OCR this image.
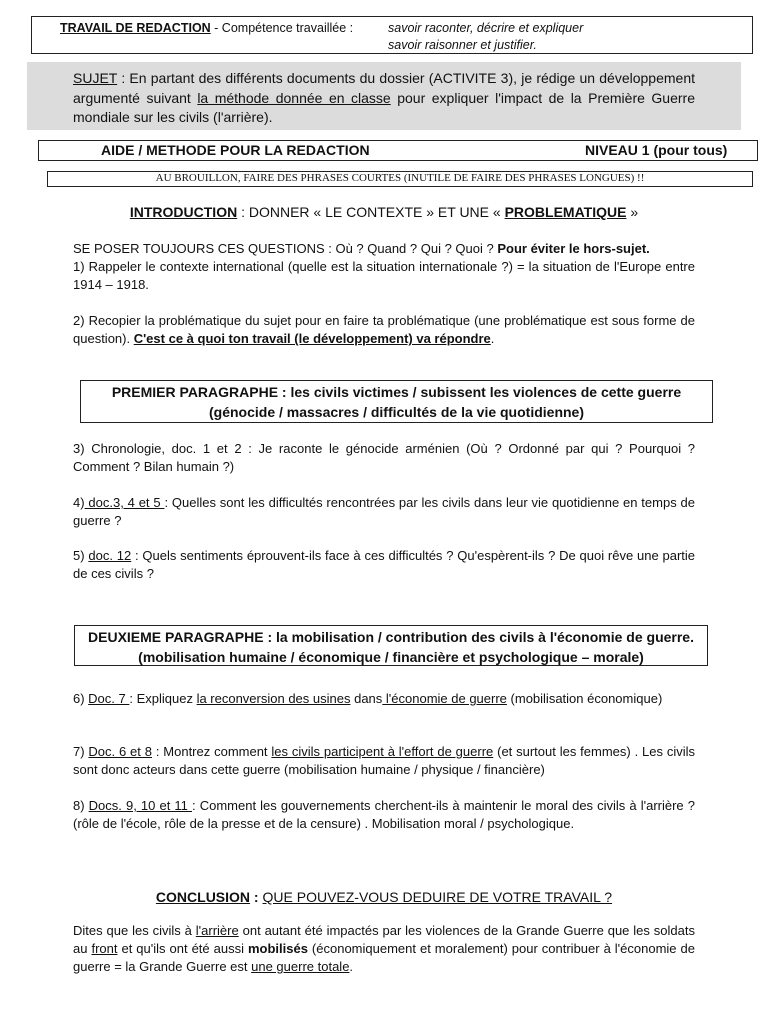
TRAVAIL DE REDACTION - Compétence travaillée :	savoir raconter, décrire et expliquer
savoir raisonner et justifier.
SUJET : En partant des différents documents du dossier (ACTIVITE 3), je rédige un développement argumenté suivant la méthode donnée en classe pour expliquer l'impact de la Première Guerre mondiale sur les civils (l'arrière).
AIDE / METHODE POUR LA REDACTION	NIVEAU 1 (pour tous)
AU BROUILLON, FAIRE DES PHRASES COURTES (INUTILE DE FAIRE DES PHRASES LONGUES) !!
INTRODUCTION : DONNER « LE CONTEXTE » ET UNE « PROBLEMATIQUE »
SE POSER TOUJOURS CES QUESTIONS : Où ? Quand ? Qui ? Quoi ? Pour éviter le hors-sujet.
1) Rappeler le contexte international (quelle est la situation internationale ?) = la situation de l'Europe entre 1914 – 1918.
2) Recopier la problématique du sujet pour en faire ta problématique (une problématique est sous forme de question). C'est ce à quoi ton travail (le développement) va répondre.
PREMIER PARAGRAPHE : les civils victimes / subissent les violences de cette guerre
(génocide / massacres / difficultés de la vie quotidienne)
3) Chronologie, doc. 1 et 2 : Je raconte le génocide arménien (Où ? Ordonné par qui ? Pourquoi ? Comment ? Bilan humain ?)
4) doc.3, 4 et 5 : Quelles sont les difficultés rencontrées par les civils dans leur vie quotidienne en temps de guerre ?
5) doc. 12 : Quels sentiments éprouvent-ils face à ces difficultés ? Qu'espèrent-ils ? De quoi rêve une partie de ces civils ?
DEUXIEME PARAGRAPHE : la mobilisation / contribution des civils à l'économie de guerre.
(mobilisation humaine / économique / financière et psychologique – morale)
6) Doc. 7 : Expliquez la reconversion des usines dans l'économie de guerre (mobilisation économique)
7) Doc. 6 et 8 : Montrez comment les civils participent à l'effort de guerre (et surtout les femmes) . Les civils sont donc acteurs dans cette guerre (mobilisation humaine / physique / financière)
8) Docs. 9, 10 et 11 : Comment les gouvernements cherchent-ils à maintenir le moral des civils à l'arrière ? (rôle de l'école, rôle de la presse et de la censure) . Mobilisation moral / psychologique.
CONCLUSION : QUE POUVEZ-VOUS DEDUIRE DE VOTRE TRAVAIL ?
Dites que les civils à l'arrière ont autant été impactés par les violences de la Grande Guerre que les soldats au front et qu'ils ont été aussi mobilisés (économiquement et moralement) pour contribuer à l'économie de guerre = la Grande Guerre est une guerre totale.
